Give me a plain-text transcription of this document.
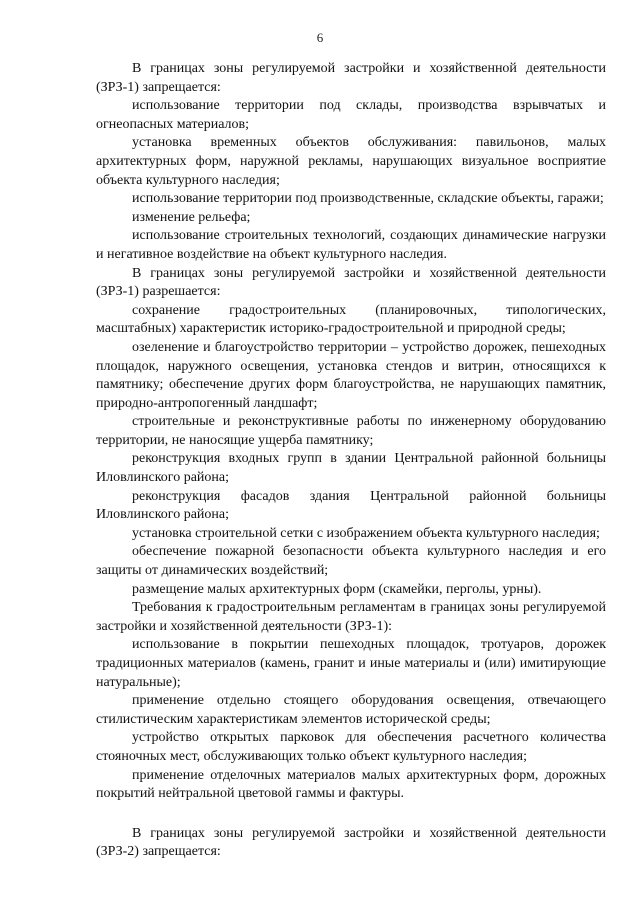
6

В границах зоны регулируемой застройки и хозяйственной деятельности (ЗРЗ-1) запрещается:

использование территории под склады, производства взрывчатых и огнеопасных материалов;

установка временных объектов обслуживания: павильонов, малых архитектурных форм, наружной рекламы, нарушающих визуальное восприятие объекта культурного наследия;

использование территории под производственные, складские объекты, гаражи;

изменение рельефа;

использование строительных технологий, создающих динамические нагрузки и негативное воздействие на объект культурного наследия.

В границах зоны регулируемой застройки и хозяйственной деятельности (ЗРЗ-1) разрешается:

сохранение градостроительных (планировочных, типологических, масштабных) характеристик историко-градостроительной и природной среды;

озеленение и благоустройство территории – устройство дорожек, пешеходных площадок, наружного освещения, установка стендов и витрин, относящихся к памятнику; обеспечение других форм благоустройства, не нарушающих памятник, природно-антропогенный ландшафт;

строительные и реконструктивные работы по инженерному оборудованию территории, не наносящие ущерба памятнику;

реконструкция входных групп в здании Центральной районной больницы Иловлинского района;

реконструкция фасадов здания Центральной районной больницы Иловлинского района;

установка строительной сетки с изображением объекта культурного наследия;

обеспечение пожарной безопасности объекта культурного наследия и его защиты от динамических воздействий;

размещение малых архитектурных форм (скамейки, перголы, урны).

Требования к градостроительным регламентам в границах зоны регулируемой застройки и хозяйственной деятельности (ЗРЗ-1):

использование в покрытии пешеходных площадок, тротуаров, дорожек традиционных материалов (камень, гранит и иные материалы и (или) имитирующие натуральные);

применение отдельно стоящего оборудования освещения, отвечающего стилистическим характеристикам элементов исторической среды;

устройство открытых парковок для обеспечения расчетного количества стояночных мест, обслуживающих только объект культурного наследия;

применение отделочных материалов малых архитектурных форм, дорожных покрытий нейтральной цветовой гаммы и фактуры.

В границах зоны регулируемой застройки и хозяйственной деятельности (ЗРЗ-2) запрещается:
